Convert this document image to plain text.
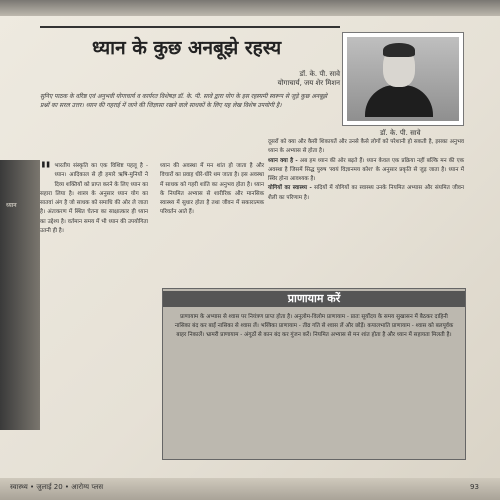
ध्यान के कुछ अनबूझे रहस्य
डॉ. के. पी. सावे
योगाचार्य, जय शेर मिशन
डॉ. के. पी. सावे
सुनिए पाठक के वरिष्ठ एवं अनुभवी योगाचार्य व कार्यरत विशेषज्ञ डॉ. के. पी. सावे द्वारा योग के इस रहस्यमी स्वरूप से जुड़े कुछ अनबूझे प्रश्नों का सरल उत्तर। ध्यान की गहराई में जाने की जिज्ञासा रखने वाले साधकों के लिए यह लेख विशेष उपयोगी है।
ध्यान
" भारतीय संस्कृति का एक विशिष्ट पहलू है - ध्यान। आदिकाल से ही हमारे ऋषि-मुनियों ने दिव्य शक्तियों को प्राप्त करने के लिए ध्यान का सहारा लिया है। शास्त्र के अनुसार ध्यान योग का सातवां अंग है जो साधक को समाधि की ओर ले जाता है। अंतःकरण में स्थित चेतना का साक्षात्कार ही ध्यान का उद्देश्य है। वर्तमान समय में भी ध्यान की उपयोगिता उतनी ही है।
ध्यान की अवस्था में मन शांत हो जाता है और विचारों का प्रवाह धीरे-धीरे थम जाता है। इस अवस्था में साधक को गहरी शांति का अनुभव होता है। ध्यान के नियमित अभ्यास से शारीरिक और मानसिक स्वास्थ्य में सुधार होता है तथा जीवन में सकारात्मक परिवर्तन आते हैं।
दूसरों को क्या और कैसी शिकायतें और उनसे कैसे लोगों को परेशानी हो सकती है, इसका अनुभव ध्यान के अभ्यास से होता है।
ध्यान क्या है - अब हम ध्यान की ओर बढ़ते हैं। ध्यान केवल एक प्रक्रिया नहीं बल्कि मन की एक अवस्था है जिसमें सिद्ध पुरुष 'स्वयं विज्ञानमय कोश' के अनुसार प्रकृति से जुड़ जाता है। ध्यान में स्थिर होना आवश्यक है।
योगियों का स्वास्थ्य - सदियों में योगियों का स्वास्थ्य उनके नियमित अभ्यास और संयमित जीवन शैली का परिणाम है।
प्राणायाम करें
प्राणायाम के अभ्यास से श्वास पर नियंत्रण प्राप्त होता है। अनुलोम-विलोम प्राणायाम - प्रातः सूर्योदय के समय सुखासन में बैठकर दाहिनी नासिका बंद कर बाईं नासिका से श्वास लें। भस्त्रिका प्राणायाम - तीव्र गति से श्वास लें और छोड़ें। कपालभाति प्राणायाम - श्वास को बलपूर्वक बाहर निकालें। भ्रामरी प्राणायाम - अंगूठों से कान बंद कर गुंजन करें। नियमित अभ्यास से मन शांत होता है और ध्यान में सहायता मिलती है।
स्वास्थ्य • जुलाई 20 • आरोग्य प्लस	93
